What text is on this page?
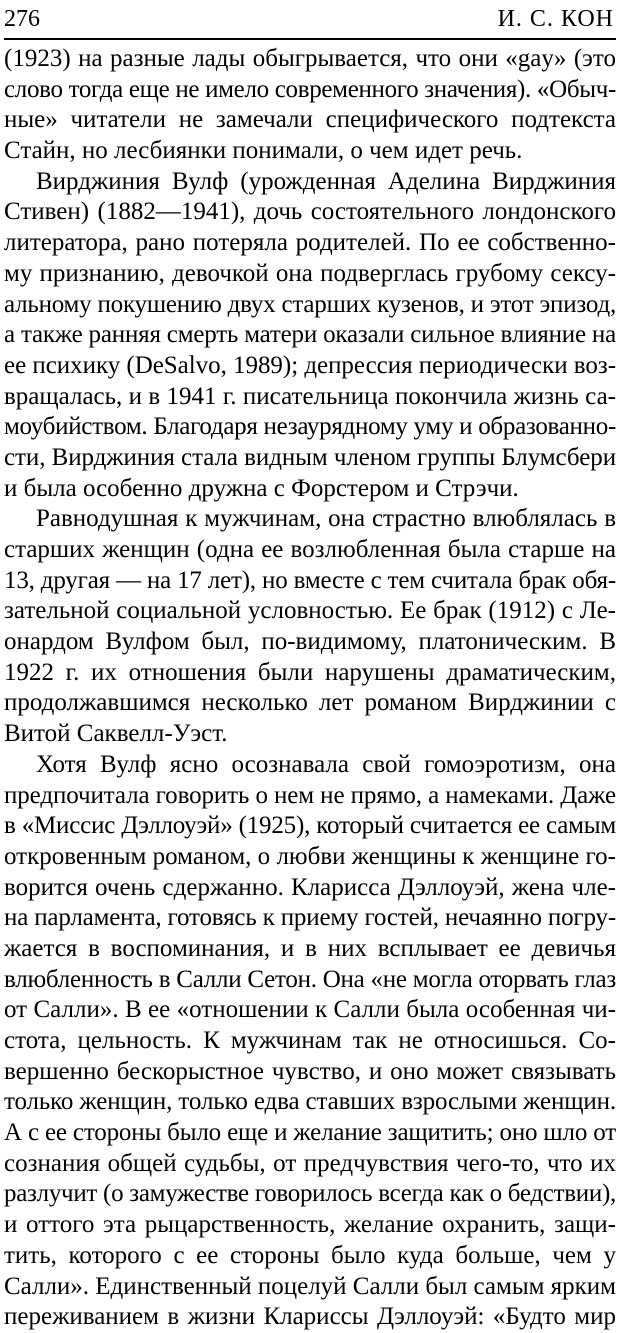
276	И. С. КОН
(1923) на разные лады обыгрывается, что они «gay» (это
слово тогда еще не имело современного значения). «Обыч-
ные» читатели не замечали специфического подтекста
Стайн, но лесбиянки понимали, о чем идет речь.
Вирджиния Вулф (урожденная Аделина Вирджиния
Стивен) (1882—1941), дочь состоятельного лондонского
литератора, рано потеряла родителей. По ее собственно-
му признанию, девочкой она подверглась грубому сексу-
альному покушению двух старших кузенов, и этот эпизод,
а также ранняя смерть матери оказали сильное влияние на
ее психику (DeSalvo, 1989); депрессия периодически воз-
вращалась, и в 1941 г. писательница покончила жизнь са-
моубийством. Благодаря незаурядному уму и образованно-
сти, Вирджиния стала видным членом группы Блумсбери
и была особенно дружна с Форстером и Стрэчи.
Равнодушная к мужчинам, она страстно влюблялась в
старших женщин (одна ее возлюбленная была старше на
13, другая — на 17 лет), но вместе с тем считала брак обя-
зательной социальной условностью. Ее брак (1912) с Ле-
онардом Вулфом был, по-видимому, платоническим. В
1922 г. их отношения были нарушены драматическим,
продолжавшимся несколько лет романом Вирджинии с
Витой Саквелл-Уэст.
Хотя Вулф ясно осознавала свой гомоэротизм, она
предпочитала говорить о нем не прямо, а намеками. Даже
в «Миссис Дэллоуэй» (1925), который считается ее самым
откровенным романом, о любви женщины к женщине го-
ворится очень сдержанно. Кларисса Дэллоуэй, жена чле-
на парламента, готовясь к приему гостей, нечаянно погру-
жается в воспоминания, и в них всплывает ее девичья
влюбленность в Салли Сетон. Она «не могла оторвать глаз
от Салли». В ее «отношении к Салли была особенная чи-
стота, цельность. К мужчинам так не относишься. Со-
вершенно бескорыстное чувство, и оно может связывать
только женщин, только едва ставших взрослыми женщин.
А с ее стороны было еще и желание защитить; оно шло от
сознания общей судьбы, от предчувствия чего-то, что их
разлучит (о замужестве говорилось всегда как о бедствии),
и оттого эта рыцарственность, желание охранить, защи-
тить, которого с ее стороны было куда больше, чем у
Салли». Единственный поцелуй Салли был самым ярким
переживанием в жизни Клариссы Дэллоуэй: «Будто мир
